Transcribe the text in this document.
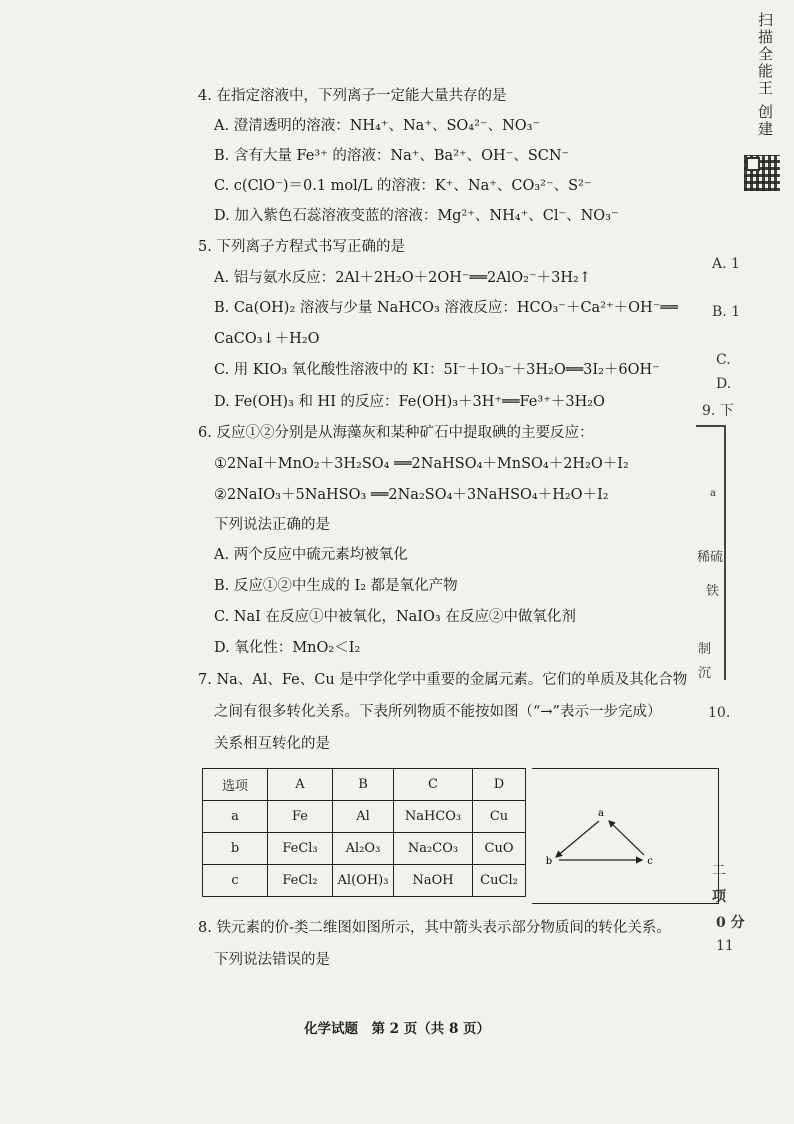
扫描全能王 创建
4. 在指定溶液中，下列离子一定能大量共存的是
A. 澄清透明的溶液：NH₄⁺、Na⁺、SO₄²⁻、NO₃⁻
B. 含有大量 Fe³⁺ 的溶液：Na⁺、Ba²⁺、OH⁻、SCN⁻
C. c(ClO⁻)＝0.1 mol/L 的溶液：K⁺、Na⁺、CO₃²⁻、S²⁻
D. 加入紫色石蕊溶液变蓝的溶液：Mg²⁺、NH₄⁺、Cl⁻、NO₃⁻
5. 下列离子方程式书写正确的是
A. 铝与氨水反应：2Al＋2H₂O＋2OH⁻══2AlO₂⁻＋3H₂↑
B. Ca(OH)₂ 溶液与少量 NaHCO₃ 溶液反应：HCO₃⁻＋Ca²⁺＋OH⁻══
CaCO₃↓＋H₂O
C. 用 KIO₃ 氧化酸性溶液中的 KI：5I⁻＋IO₃⁻＋3H₂O══3I₂＋6OH⁻
D. Fe(OH)₃ 和 HI 的反应：Fe(OH)₃＋3H⁺══Fe³⁺＋3H₂O
6. 反应①②分别是从海藻灰和某种矿石中提取碘的主要反应：
①2NaI＋MnO₂＋3H₂SO₄ ══2NaHSO₄＋MnSO₄＋2H₂O＋I₂
②2NaIO₃＋5NaHSO₃ ══2Na₂SO₄＋3NaHSO₄＋H₂O＋I₂
下列说法正确的是
A. 两个反应中硫元素均被氧化
B. 反应①②中生成的 I₂ 都是氧化产物
C. NaI 在反应①中被氧化，NaIO₃ 在反应②中做氧化剂
D. 氧化性：MnO₂＜I₂
7. Na、Al、Fe、Cu 是中学化学中重要的金属元素。它们的单质及其化合物
之间有很多转化关系。下表所列物质不能按如图（“→”表示一步完成）
关系相互转化的是
选项	A	B	C	D
a	Fe	Al	NaHCO₃	Cu
b	FeCl₃	Al₂O₃	Na₂CO₃	CuO
c	FeCl₂	Al(OH)₃	NaOH	CuCl₂
a
b	c
8. 铁元素的价-类二维图如图所示，其中箭头表示部分物质间的转化关系。
下列说法错误的是
A. 1
B. 1
C.
D.
9. 下
a
稀硫
铁
制
沉
10.
二
项
0 分
11
化学试题　第 2 页（共 8 页）
